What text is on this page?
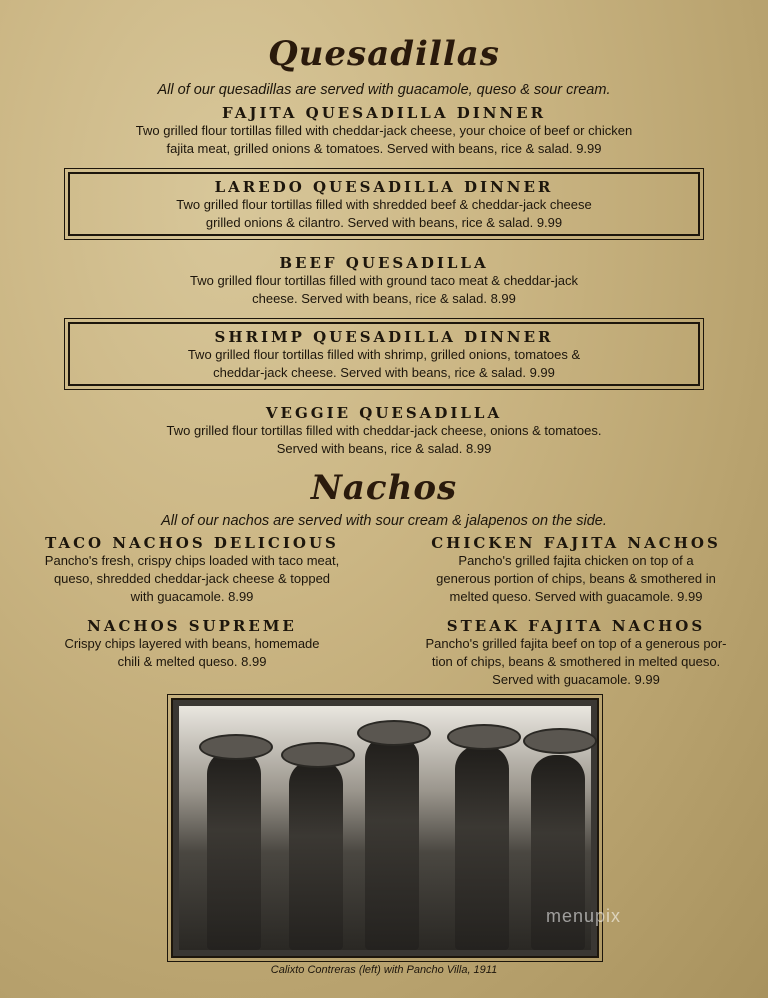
Quesadillas
All of our quesadillas are served with guacamole, queso & sour cream.
FAJITA QUESADILLA DINNER
Two grilled flour tortillas filled with cheddar-jack cheese, your choice of beef or chicken
fajita meat, grilled onions & tomatoes. Served with beans, rice & salad. 9.99
LAREDO QUESADILLA DINNER
Two grilled flour tortillas filled with shredded beef & cheddar-jack cheese
grilled onions & cilantro. Served with beans, rice & salad. 9.99
BEEF QUESADILLA
Two grilled flour tortillas filled with ground taco meat & cheddar-jack
cheese. Served with beans, rice & salad. 8.99
SHRIMP QUESADILLA DINNER
Two grilled flour tortillas filled with shrimp, grilled onions, tomatoes &
cheddar-jack cheese. Served with beans, rice & salad. 9.99
VEGGIE QUESADILLA
Two grilled flour tortillas filled with cheddar-jack cheese, onions & tomatoes.
Served with beans, rice & salad. 8.99
Nachos
All of our nachos are served with sour cream & jalapenos on the side.
TACO NACHOS DELICIOUS
Pancho's fresh, crispy chips loaded with taco meat,
queso, shredded cheddar-jack cheese & topped
with guacamole. 8.99
CHICKEN FAJITA NACHOS
Pancho's grilled fajita chicken on top of a
generous portion of chips, beans & smothered in
melted queso. Served with guacamole. 9.99
NACHOS SUPREME
Crispy chips layered with beans, homemade
chili & melted queso. 8.99
STEAK FAJITA NACHOS
Pancho's grilled fajita beef on top of a generous por-
tion of chips, beans & smothered in melted queso.
Served with guacamole. 9.99
menupix
Calixto Contreras (left) with Pancho Villa, 1911
